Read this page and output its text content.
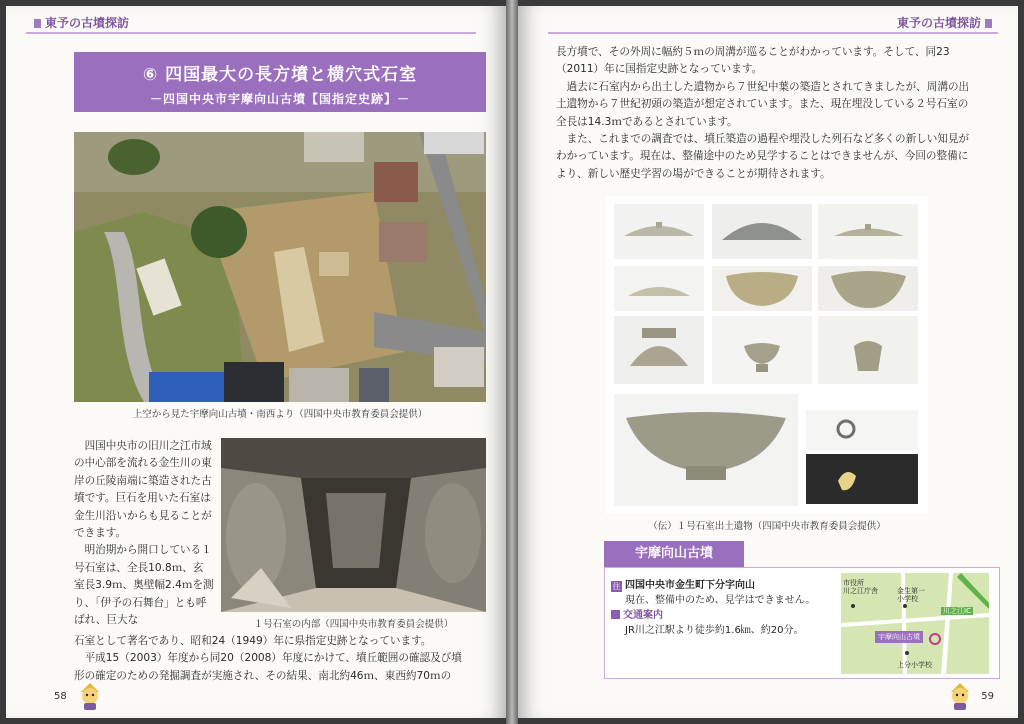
東予の古墳探訪
⑥ 四国最大の長方墳と横穴式石室
－四国中央市宇摩向山古墳【国指定史跡】－
上空から見た宇摩向山古墳・南西より（四国中央市教育委員会提供）
１号石室の内部（四国中央市教育委員会提供）

四国中央市の旧川之江市域の中心部を流れる金生川の東岸の丘陵南端に築造された古墳です。巨石を用いた石室は金生川沿いからも見ることができます。

明治期から開口している１号石室は、全長10.8ｍ、玄室長3.9ｍ、奥壁幅2.4ｍを測り、「伊予の石舞台」とも呼ばれ、巨大な

石室として著名であり、昭和24（1949）年に県指定史跡となっています。

平成15（2003）年度から同20（2008）年度にかけて、墳丘範囲の確認及び墳

形の確定のための発掘調査が実施され、その結果、南北約46ｍ、東西約70ｍの

58
東予の古墳探訪

長方墳で、その外周に幅約５ｍの周溝が巡ることがわかっています。そして、同23（2011）年に国指定史跡となっています。

過去に石室内から出土した遺物から７世紀中葉の築造とされてきましたが、周溝の出土遺物から７世紀初頭の築造が想定されています。また、現在埋没している２号石室の全長は14.3ｍであるとされています。

また、これまでの調査では、墳丘築造の過程や埋没した列石など多くの新しい知見がわかっています。現在は、整備途中のため見学することはできませんが、今回の整備により、新しい歴史学習の場ができることが期待されます。

（伝）１号石室出土遺物（四国中央市教育委員会提供）
宇摩向山古墳
住 四国中央市金生町下分字向山
現在、整備中のため、見学はできません。
交通案内
JR川之江駅より徒歩約1.6㎞、約20分。
市役所
川之江庁舎	金生第一
小学校
川之江IC
宇摩向山古墳
上分小学校
59
